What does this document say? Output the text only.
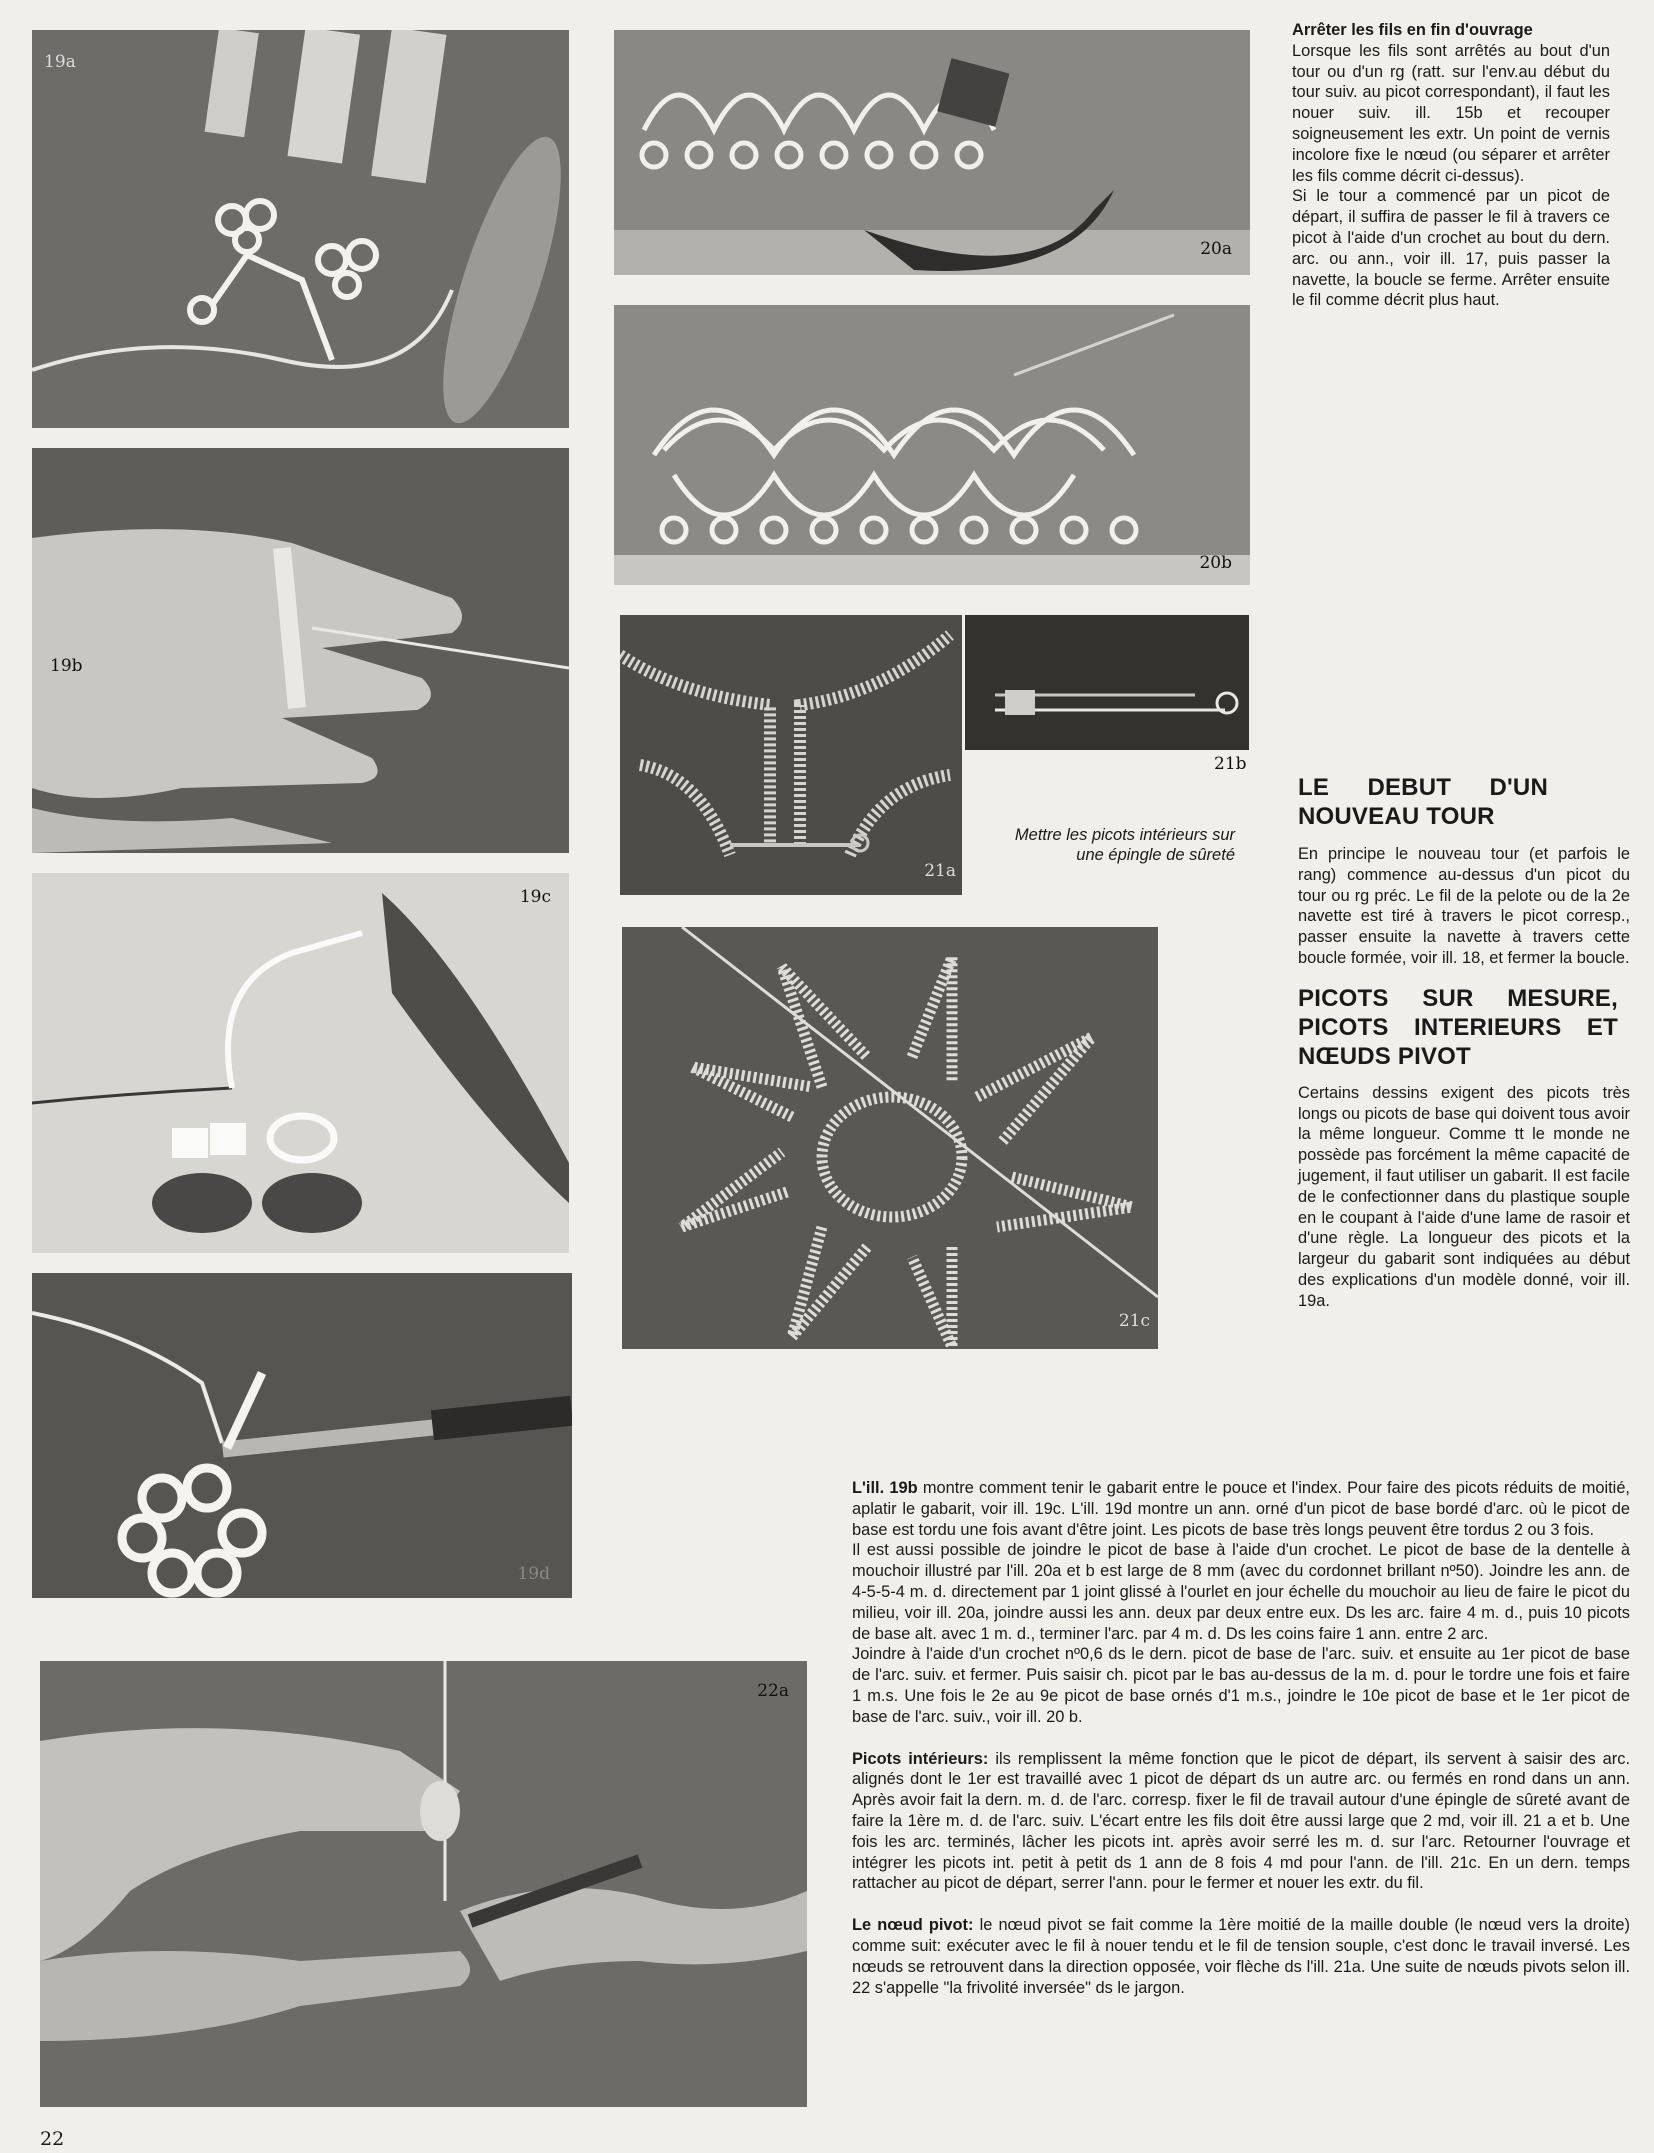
19a
19b
19c
19d
22a
20a
20b
21a
21b
Mettre les picots intérieurs sur une épingle de sûreté
21c

Arrêter les fils en fin d'ouvrage

Lorsque les fils sont arrêtés au bout d'un tour ou d'un rg (ratt. sur l'env.au début du tour suiv. au picot correspondant), il faut les nouer suiv. ill. 15b et recouper soigneusement les extr. Un point de vernis incolore fixe le nœud (ou séparer et arrêter les fils comme décrit ci-dessus).

Si le tour a commencé par un picot de départ, il suffira de passer le fil à travers ce picot à l'aide d'un crochet au bout du dern. arc. ou ann., voir ill. 17, puis passer la navette, la boucle se ferme. Arrêter ensuite le fil comme décrit plus haut.

LE DEBUT D'UN NOUVEAU TOUR

En principe le nouveau tour (et parfois le rang) commence au-dessus d'un picot du tour ou rg préc. Le fil de la pelote ou de la 2e navette est tiré à travers le picot corresp., passer ensuite la navette à travers cette boucle formée, voir ill. 18, et fermer la boucle.

PICOTS SUR MESURE, PICOTS INTERIEURS ET NŒUDS PIVOT

Certains dessins exigent des picots très longs ou picots de base qui doivent tous avoir la même longueur. Comme tt le monde ne possède pas forcément la même capacité de jugement, il faut utiliser un gabarit. Il est facile de le confectionner dans du plastique souple en le coupant à l'aide d'une lame de rasoir et d'une règle. La longueur des picots et la largeur du gabarit sont indiquées au début des explications d'un modèle donné, voir ill. 19a.

L'ill. 19b montre comment tenir le gabarit entre le pouce et l'index. Pour faire des picots réduits de moitié, aplatir le gabarit, voir ill. 19c. L'ill. 19d montre un ann. orné d'un picot de base bordé d'arc. où le picot de base est tordu une fois avant d'être joint. Les picots de base très longs peuvent être tordus 2 ou 3 fois.

Il est aussi possible de joindre le picot de base à l'aide d'un crochet. Le picot de base de la dentelle à mouchoir illustré par l'ill. 20a et b est large de 8 mm (avec du cordonnet brillant nº50). Joindre les ann. de 4-5-5-4 m. d. directement par 1 joint glissé à l'ourlet en jour échelle du mouchoir au lieu de faire le picot du milieu, voir ill. 20a, joindre aussi les ann. deux par deux entre eux. Ds les arc. faire 4 m. d., puis 10 picots de base alt. avec 1 m. d., terminer l'arc. par 4 m. d. Ds les coins faire 1 ann. entre 2 arc.

Joindre à l'aide d'un crochet nº0,6 ds le dern. picot de base de l'arc. suiv. et ensuite au 1er picot de base de l'arc. suiv. et fermer. Puis saisir ch. picot par le bas au-dessus de la m. d. pour le tordre une fois et faire 1 m.s. Une fois le 2e au 9e picot de base ornés d'1 m.s., joindre le 10e picot de base et le 1er picot de base de l'arc. suiv., voir ill. 20 b.

Picots intérieurs: ils remplissent la même fonction que le picot de départ, ils servent à saisir des arc. alignés dont le 1er est travaillé avec 1 picot de départ ds un autre arc. ou fermés en rond dans un ann. Après avoir fait la dern. m. d. de l'arc. corresp. fixer le fil de travail autour d'une épingle de sûreté avant de faire la 1ère m. d. de l'arc. suiv. L'écart entre les fils doit être aussi large que 2 md, voir ill. 21 a et b. Une fois les arc. terminés, lâcher les picots int. après avoir serré les m. d. sur l'arc. Retourner l'ouvrage et intégrer les picots int. petit à petit ds 1 ann de 8 fois 4 md pour l'ann. de l'ill. 21c. En un dern. temps rattacher au picot de départ, serrer l'ann. pour le fermer et nouer les extr. du fil.

Le nœud pivot: le nœud pivot se fait comme la 1ère moitié de la maille double (le nœud vers la droite) comme suit: exécuter avec le fil à nouer tendu et le fil de tension souple, c'est donc le travail inversé. Les nœuds se retrouvent dans la direction opposée, voir flèche ds l'ill. 21a. Une suite de nœuds pivots selon ill. 22 s'appelle "la frivolité inversée" ds le jargon.

22
